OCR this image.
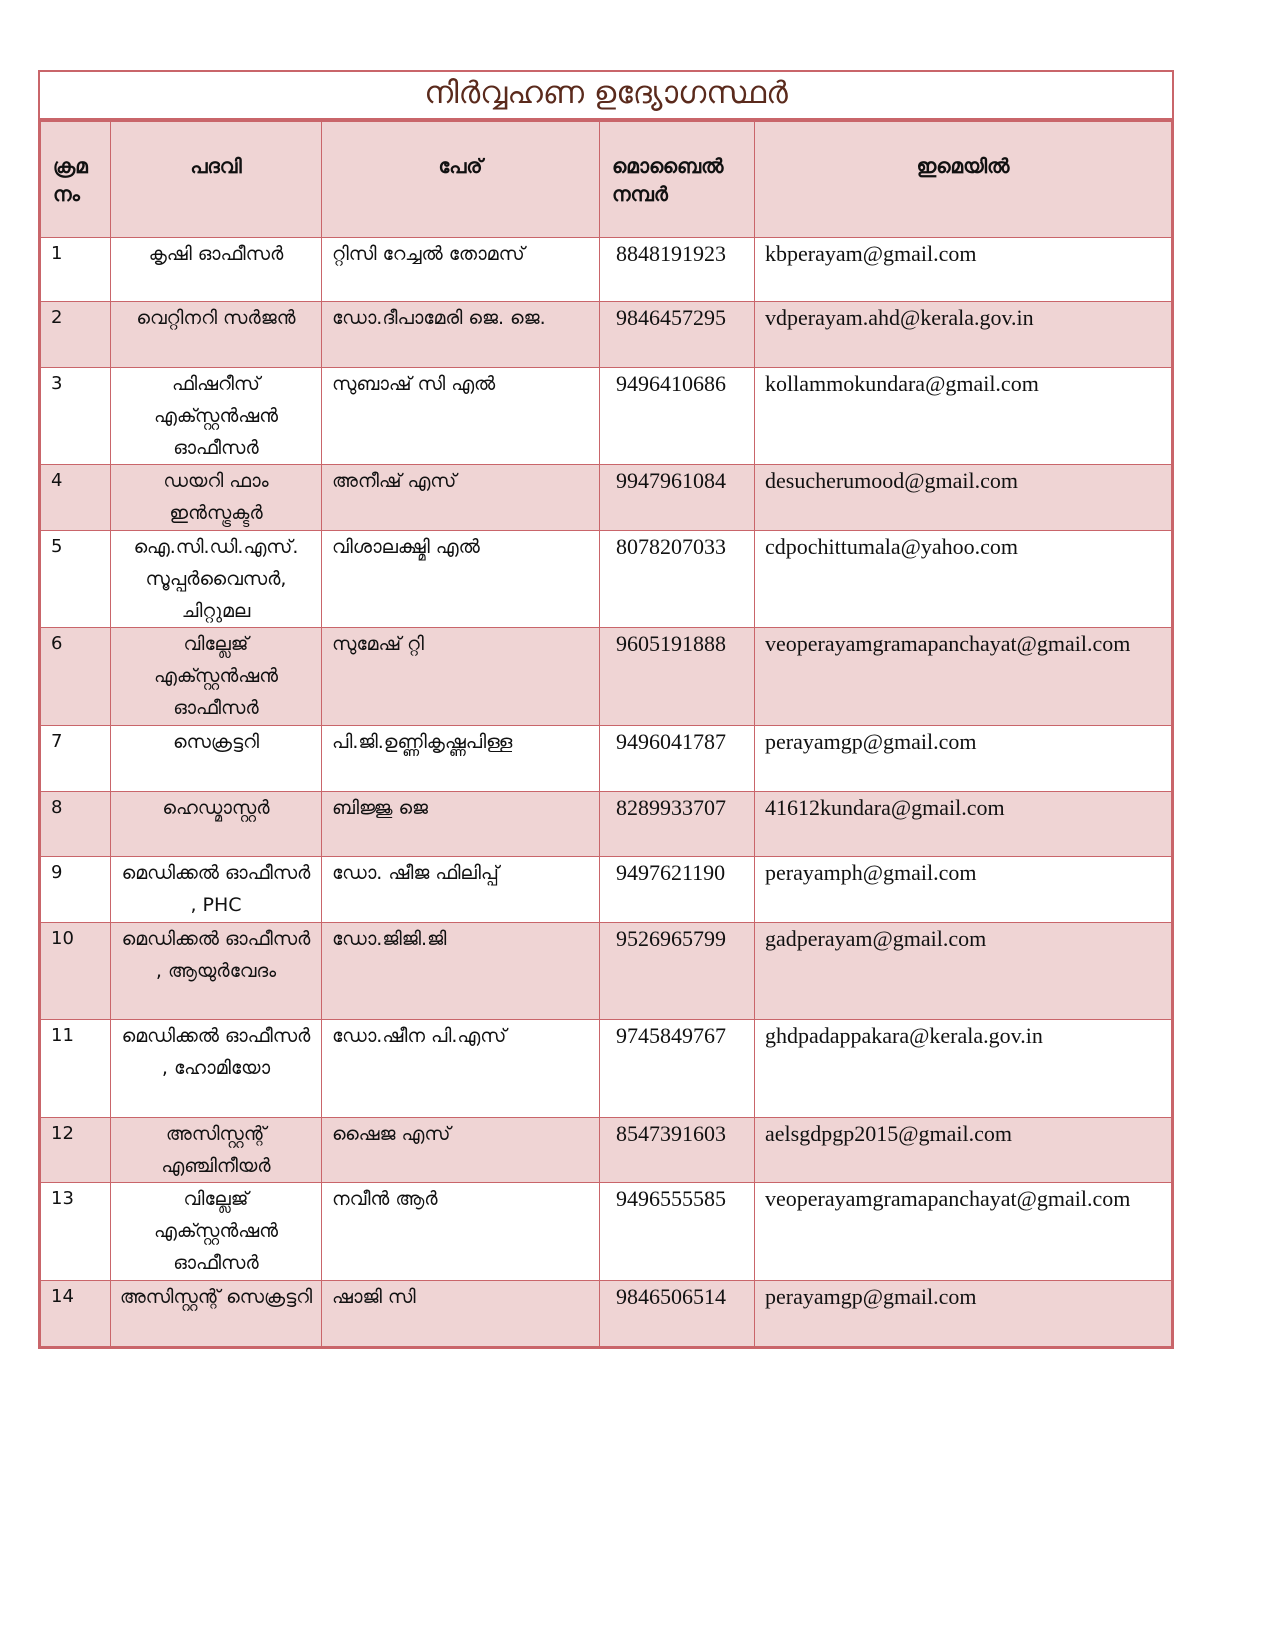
നിർവ്വഹണ ഉദ്യോഗസ്ഥർ
ക്രമ നം	പദവി	പേര്	മൊബൈൽ നമ്പർ	ഇമെയിൽ
1	കൃഷി ഓഫീസർ	റ്റിസി റേച്ചൽ തോമസ്	8848191923	kbperayam@gmail.com
2	വെറ്റിനറി സർജൻ	ഡോ.ദീപാമേരി ജെ. ജെ.	9846457295	vdperayam.ahd@kerala.gov.in
3	ഫിഷറീസ് എക്സ്റ്റൻഷൻ ഓഫീസർ	സുബാഷ് സി എൽ	9496410686	kollammokundara@gmail.com
4	ഡയറി ഫാം ഇൻസ്ട്രക്ടർ	അനീഷ് എസ്	9947961084	desucherumood@gmail.com
5	ഐ.സി.ഡി.എസ്. സൂപ്പർവൈസർ, ചിറ്റുമല	വിശാലക്ഷ്മി എൽ	8078207033	cdpochittumala@yahoo.com
6	വില്ലേജ് എക്സ്റ്റൻഷൻ ഓഫീസർ	സുമേഷ് റ്റി	9605191888	veoperayamgramapanchayat@gmail.com
7	സെക്രട്ടറി	പി.ജി.ഉണ്ണികൃഷ്ണപിള്ള	9496041787	perayamgp@gmail.com
8	ഹെഡ്മാസ്റ്റർ	ബിജ്ജു ജെ	8289933707	41612kundara@gmail.com
9	മെഡിക്കൽ ഓഫീസർ , PHC	ഡോ. ഷീജ ഫിലിപ്പ്	9497621190	perayamph@gmail.com
10	മെഡിക്കൽ ഓഫീസർ , ആയുർവേദം	ഡോ.ജിജി.ജി	9526965799	gadperayam@gmail.com
11	മെഡിക്കൽ ഓഫീസർ , ഹോമിയോ	ഡോ.ഷീന പി.എസ്	9745849767	ghdpadappakara@kerala.gov.in
12	അസിസ്റ്റന്റ് എഞ്ചിനീയർ	ഷൈജ എസ്	8547391603	aelsgdpgp2015@gmail.com
13	വില്ലേജ് എക്സ്റ്റൻഷൻ ഓഫീസർ	നവീൻ ആർ	9496555585	veoperayamgramapanchayat@gmail.com
14	അസിസ്റ്റന്റ് സെക്രട്ടറി	ഷാജി സി	9846506514	perayamgp@gmail.com
